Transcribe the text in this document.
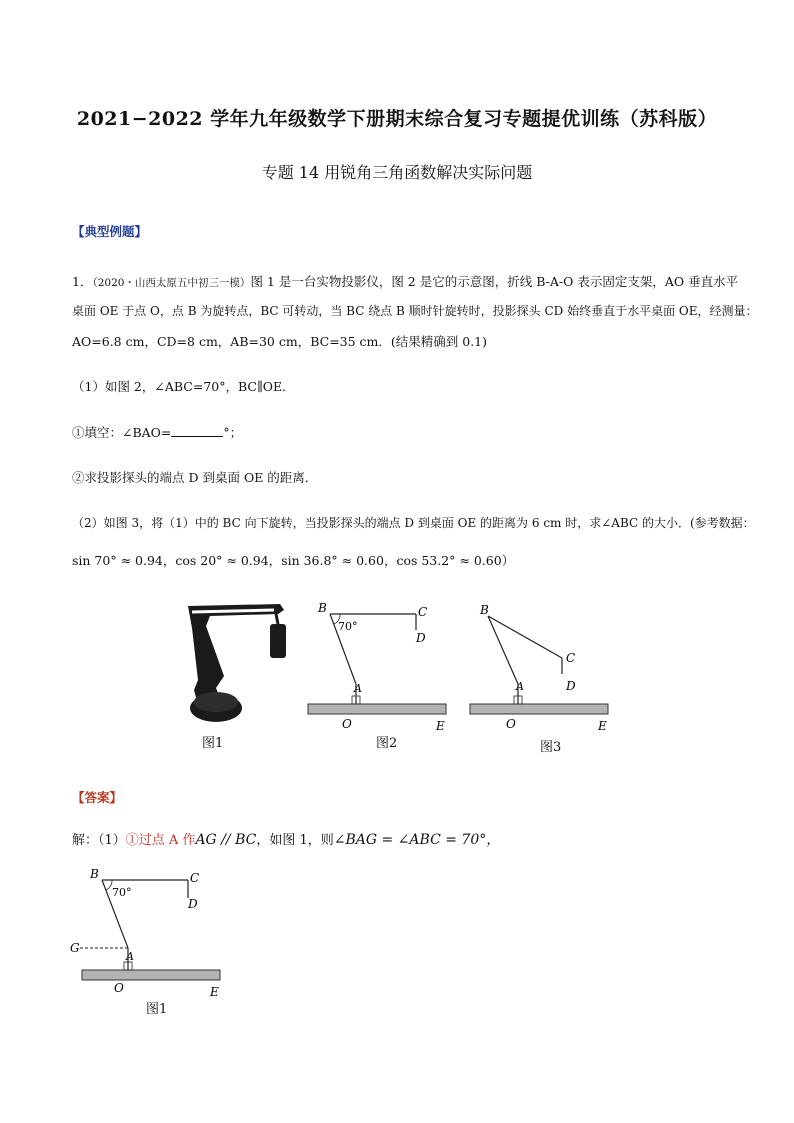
2021−2022 学年九年级数学下册期末综合复习专题提优训练（苏科版）
专题 14 用锐角三角函数解决实际问题
【典型例题】
1．（2020・山西太原五中初三一模）图 1 是一台实物投影仪，图 2 是它的示意图，折线 B-A-O 表示固定支架，AO 垂直水平
桌面 OE 于点 O，点 B 为旋转点，BC 可转动，当 BC 绕点 B 顺时针旋转时，投影探头 CD 始终垂直于水平桌面 OE，经测量：
AO=6.8 cm，CD=8 cm，AB=30 cm，BC=35 cm．(结果精确到 0.1)
（1）如图 2，∠ABC=70°，BC∥OE．
①填空：∠BAO=	°；
②求投影探头的端点 D 到桌面 OE 的距离．
（2）如图 3，将（1）中的 BC 向下旋转，当投影探头的端点 D 到桌面 OE 的距离为 6 cm 时，求∠ABC 的大小．(参考数据：
sin 70° ≈ 0.94，cos 20° ≈ 0.94，sin 36.8° ≈ 0.60，cos 53.2° ≈ 0.60）
图1
70°
B	C
D
A
O	E
图2
B
C
D
A
O	E
图3
【答案】
解：（1）①过点 A 作AG // BC，如图 1，则∠BAG = ∠ABC = 70°，
70°
B	C
D
G
A
O	E
图1
